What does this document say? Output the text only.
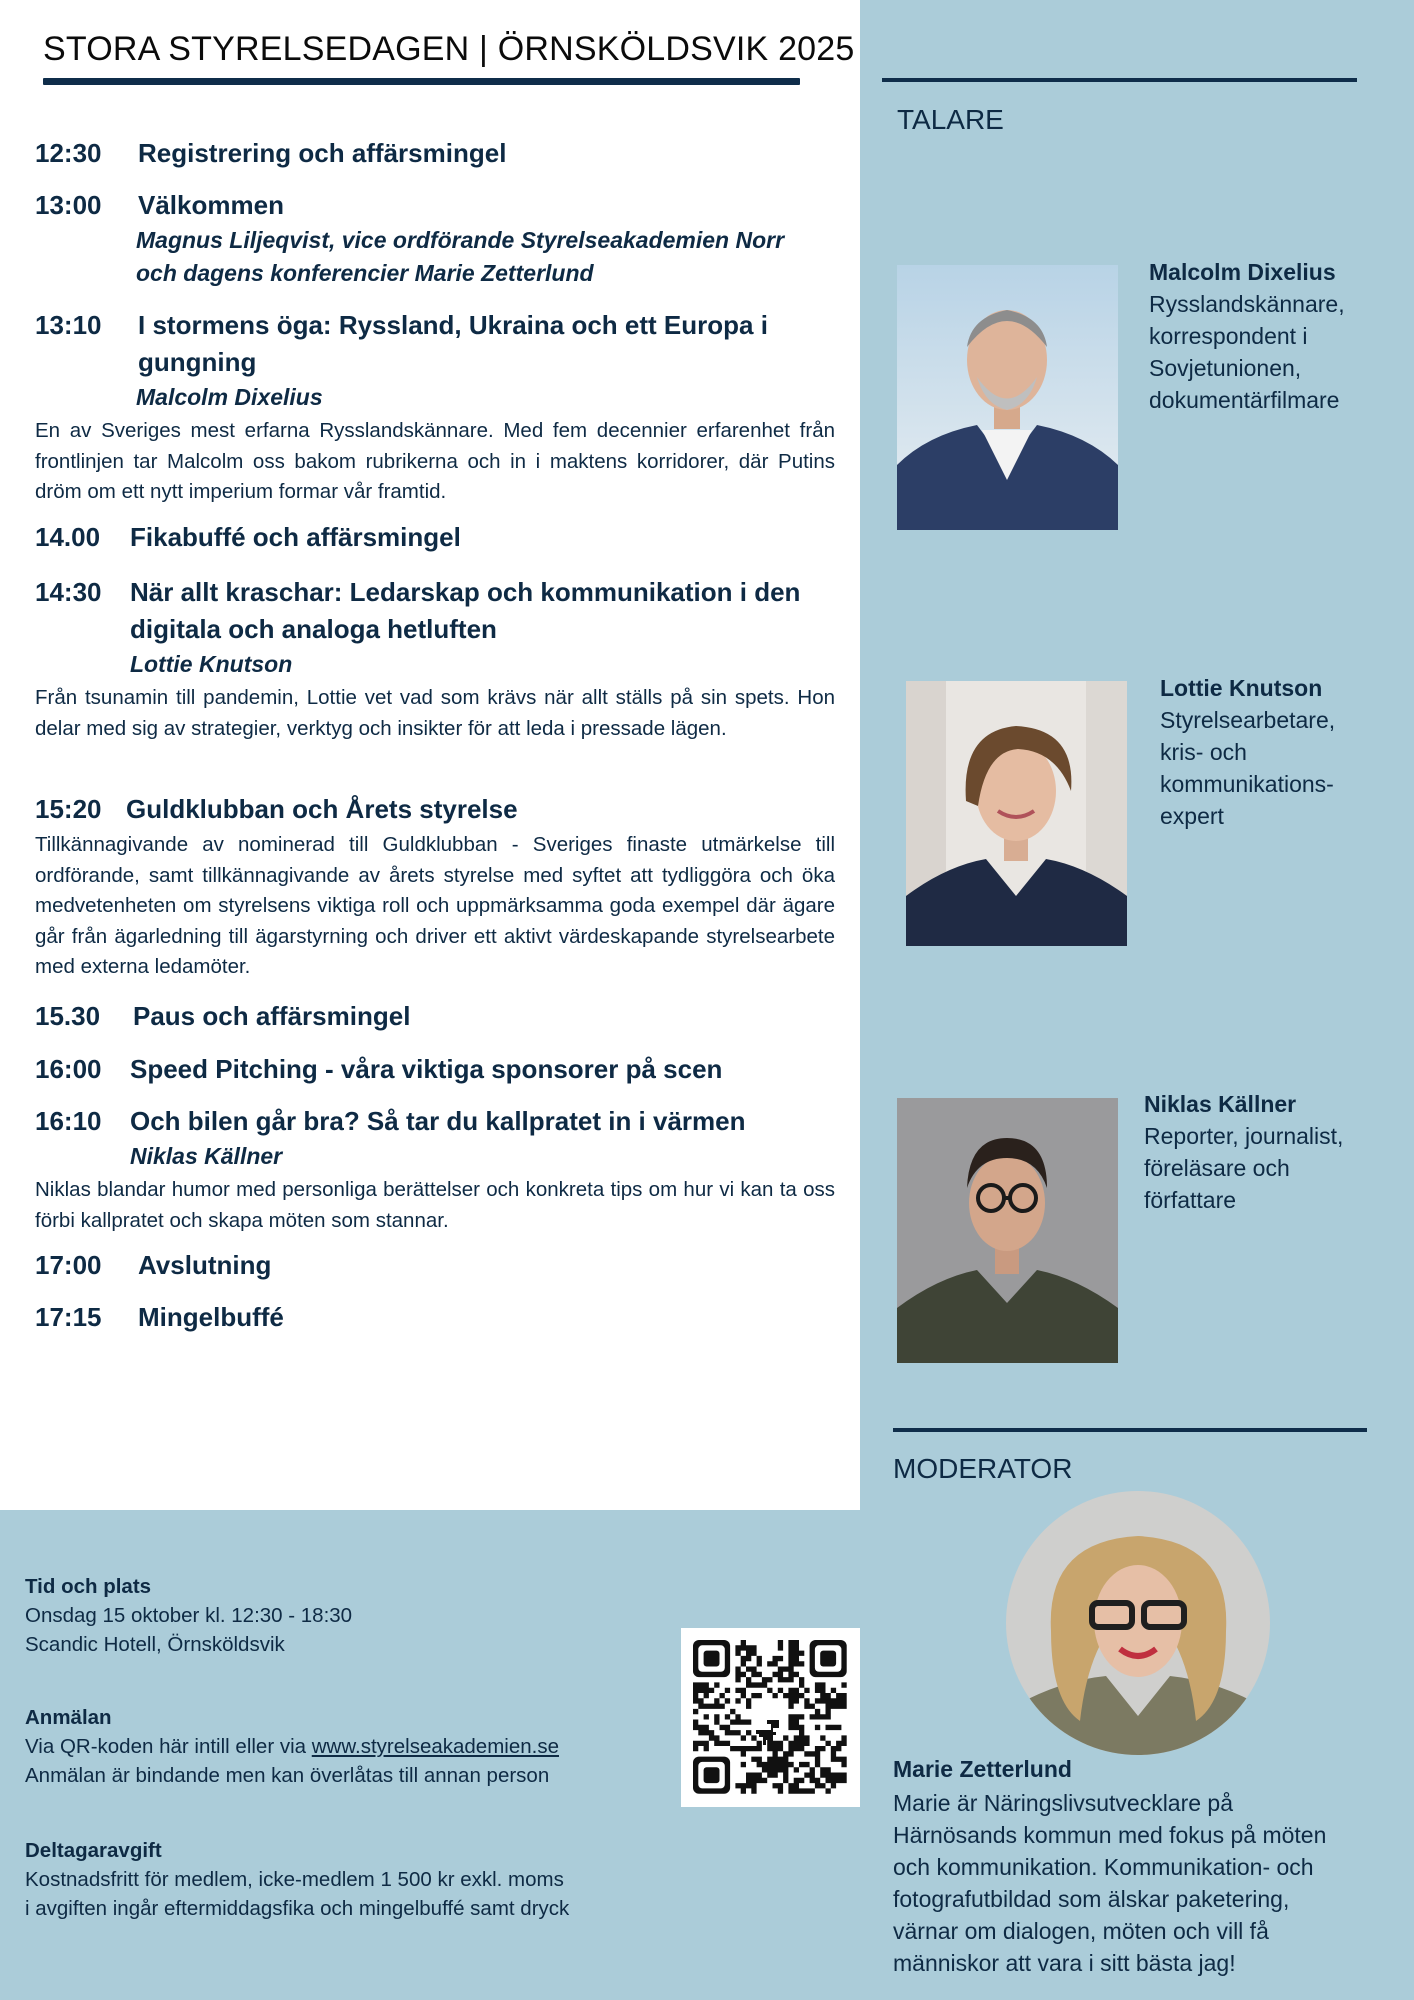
STORA STYRELSEDAGEN | ÖRNSKÖLDSVIK 2025
12:30	Registrering och affärsmingel
13:00	Välkommen
Magnus Liljeqvist, vice ordförande Styrelseakademien Norr
och dagens konferencier Marie Zetterlund
13:10	I stormens öga: Ryssland, Ukraina och ett Europa i gungning
Malcolm Dixelius
En av Sveriges mest erfarna Rysslandskännare. Med fem decennier erfarenhet från frontlinjen tar Malcolm oss bakom rubrikerna och in i maktens korridorer, där Putins dröm om ett nytt imperium formar vår framtid.
14.00	Fikabuffé och affärsmingel
14:30	När allt kraschar: Ledarskap och kommunikation i den digitala och analoga hetluften
Lottie Knutson
Från tsunamin till pandemin, Lottie vet vad som krävs när allt ställs på sin spets. Hon delar med sig av strategier, verktyg och insikter för att leda i pressade lägen.
15:20 Guldklubban och Årets styrelse
Tillkännagivande av nominerad till Guldklubban - Sveriges finaste utmärkelse till ordförande, samt tillkännagivande av årets styrelse med syftet att tydliggöra och öka medvetenheten om styrelsens viktiga roll och uppmärksamma goda exempel där ägare går från ägarledning till ägarstyrning och driver ett aktivt värdeskapande styrelsearbete med externa ledamöter.
15.30	Paus och affärsmingel
16:00	Speed Pitching - våra viktiga sponsorer på scen
16:10	Och bilen går bra? Så tar du kallpratet in i värmen
Niklas Källner
Niklas blandar humor med personliga berättelser och konkreta tips om hur vi kan ta oss förbi kallpratet och skapa möten som stannar.
17:00	Avslutning
17:15	Mingelbuffé
TALARE
Malcolm Dixelius
Rysslandskännare,
korrespondent i
Sovjetunionen,
dokumentärfilmare
Lottie Knutson
Styrelsearbetare,
kris- och
kommunikations-
expert
Niklas Källner
Reporter, journalist,
föreläsare och
författare
MODERATOR
Marie Zetterlund
Marie är Näringslivsutvecklare på
Härnösands kommun med fokus på möten
och kommunikation. Kommunikation- och
fotografutbildad som älskar paketering,
värnar om dialogen, möten och vill få
människor att vara i sitt bästa jag!
Tid och plats
Onsdag 15 oktober kl. 12:30 - 18:30
Scandic Hotell, Örnsköldsvik
Anmälan
Via QR-koden här intill eller via www.styrelseakademien.se
Anmälan är bindande men kan överlåtas till annan person
Deltagaravgift
Kostnadsfritt för medlem, icke-medlem 1 500 kr exkl. moms
i avgiften ingår eftermiddagsfika och mingelbuffé samt dryck
